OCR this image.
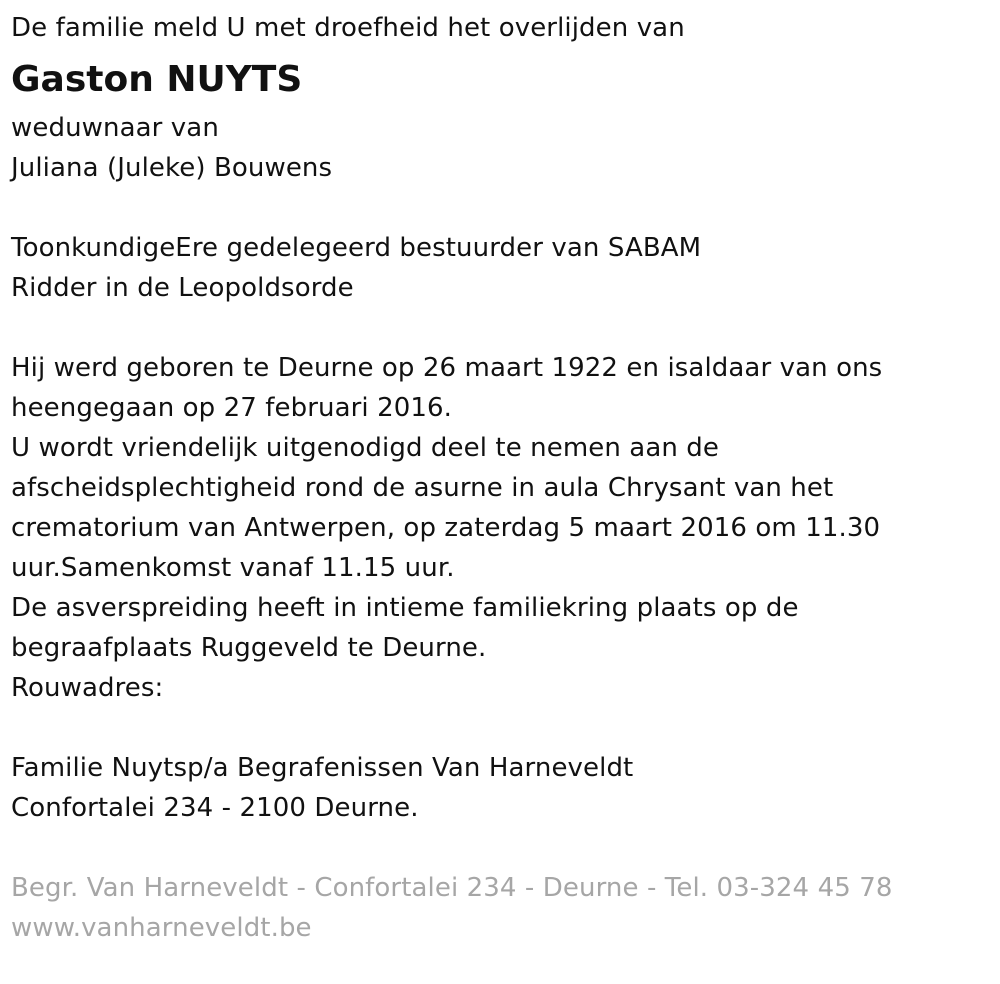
De familie meld U met droefheid het overlijden van
Gaston NUYTS
weduwnaar van
Juliana (Juleke) Bouwens
ToonkundigeEre gedelegeerd bestuurder van SABAM
Ridder in de Leopoldsorde
Hij werd geboren te Deurne op 26 maart 1922 en isaldaar van ons
heengegaan op 27 februari 2016.
U wordt vriendelijk uitgenodigd deel te nemen aan de
afscheidsplechtigheid rond de asurne in aula Chrysant van het
crematorium van Antwerpen, op zaterdag 5 maart 2016 om 11.30
uur.Samenkomst vanaf 11.15 uur.
De asverspreiding heeft in intieme familiekring plaats op de
begraafplaats Ruggeveld te Deurne.
Rouwadres:
Familie Nuytsp/a Begrafenissen Van Harneveldt
Confortalei 234 - 2100 Deurne.
Begr. Van Harneveldt - Confortalei 234 - Deurne - Tel. 03-324 45 78
www.vanharneveldt.be
